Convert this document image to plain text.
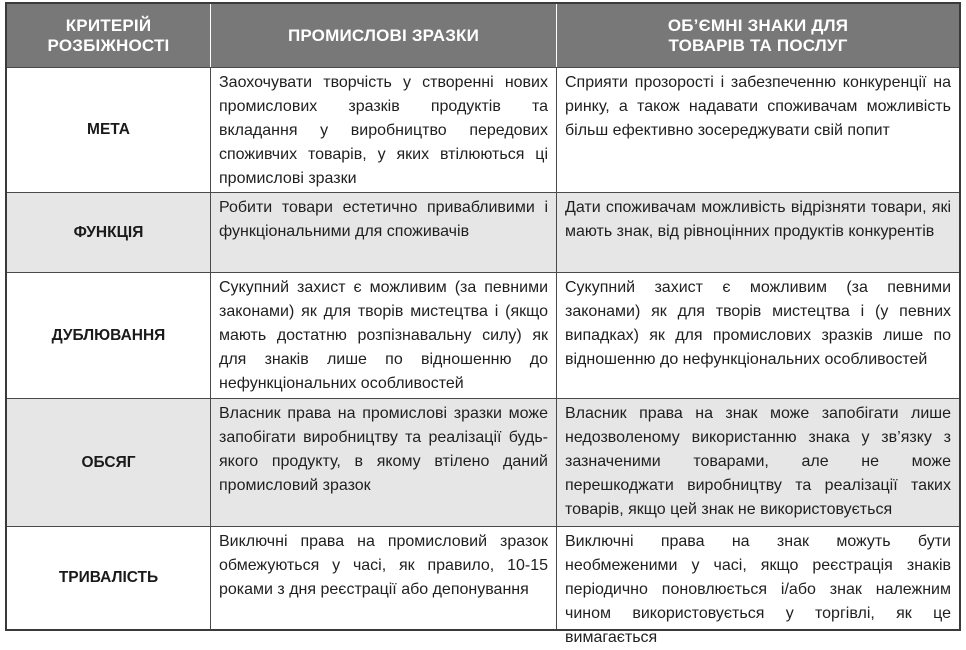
КРИТЕРІЙ РОЗБІЖНОСТІ
ПРОМИСЛОВІ ЗРАЗКИ
ОБ’ЄМНІ ЗНАКИ ДЛЯ ТОВАРІВ ТА ПОСЛУГ
МЕТА
Заохочувати творчість у створенні нових промислових зразків продуктів та вкладання у виробництво передових споживчих товарів, у яких втілюються ці промислові зразки
Сприяти прозорості і забезпеченню конкуренції на ринку, а також надавати споживачам можливість більш ефективно зосереджувати свій попит
ФУНКЦІЯ
Робити товари естетично привабливими і функціональними для споживачів
Дати споживачам можливість відрізняти товари, які мають знак, від рівноцінних продуктів конкурентів
ДУБЛЮВАННЯ
Сукупний захист є можливим (за певними законами) як для творів мистецтва і (якщо мають достатню розпізнавальну силу) як для знаків лише по відношенню до нефункціональних особливостей
Сукупний захист є можливим (за певними законами) як для творів мистецтва і (у певних випадках) як для промислових зразків лише по відношенню до нефункціональних особливостей
ОБСЯГ
Власник права на промислові зразки може запобігати виробництву та реалізації будь-якого продукту, в якому втілено даний промисловий зразок
Власник права на знак може запобігати лише недозволеному використанню знака у зв’язку з зазначеними товарами, але не може перешкоджати виробництву та реалізації таких товарів, якщо цей знак не використовується
ТРИВАЛІСТЬ
Виключні права на промисловий зразок обмежуються у часі, як правило, 10-15 роками з дня реєстрації або депонування
Виключні права на знак можуть бути необмеженими у часі, якщо реєстрація знаків періодично поновлюється і/або знак належним чином використовується у торгівлі, як це вимагається
